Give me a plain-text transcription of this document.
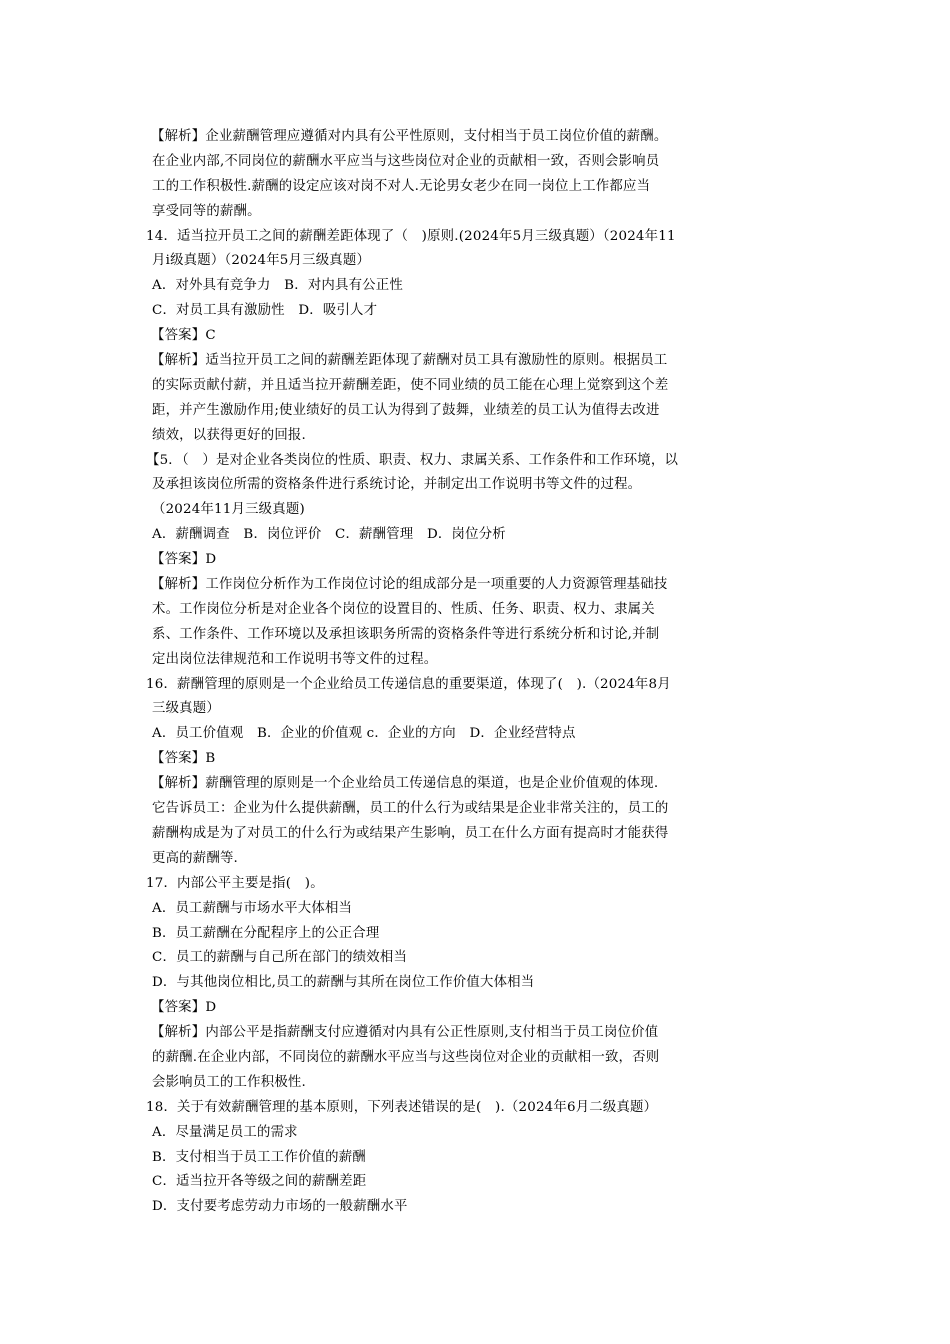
【解析】企业薪酬管理应遵循对内具有公平性原则，支付相当于员工岗位价值的薪酬。
在企业内部,不同岗位的薪酬水平应当与这些岗位对企业的贡献相一致，否则会影响员
工的工作积极性.薪酬的设定应该对岗不对人.无论男女老少在同一岗位上工作都应当
享受同等的薪酬。
14．适当拉开员工之间的薪酬差距体现了（　)原则.(2024年5月三级真题）（2024年11
月i级真题）（2024年5月三级真题）
A．对外具有竞争力　B．对内具有公正性
C．对员工具有激励性　D．吸引人才
【答案】C
【解析】适当拉开员工之间的薪酬差距体现了薪酬对员工具有激励性的原则。根据员工
的实际贡献付薪，并且适当拉开薪酬差距，使不同业绩的员工能在心理上觉察到这个差
距，并产生激励作用;使业绩好的员工认为得到了鼓舞，业绩差的员工认为值得去改进
绩效，以获得更好的回报.
【5．（　）是对企业各类岗位的性质、职责、权力、隶属关系、工作条件和工作环境，以
及承担该岗位所需的资格条件进行系统讨论，并制定出工作说明书等文件的过程。
（2024年11月三级真题)
A．薪酬调查　B．岗位评价　C．薪酬管理　D．岗位分析
【答案】D
【解析】工作岗位分析作为工作岗位讨论的组成部分是一项重要的人力资源管理基础技
术。工作岗位分析是对企业各个岗位的设置目的、性质、任务、职责、权力、隶属关
系、工作条件、工作环境以及承担该职务所需的资格条件等进行系统分析和讨论,并制
定出岗位法律规范和工作说明书等文件的过程。
16．薪酬管理的原则是一个企业给员工传递信息的重要渠道，体现了(　).（2024年8月
三级真题）
A．员工价值观　B．企业的价值观 c．企业的方向　D．企业经营特点
【答案】B
【解析】薪酬管理的原则是一个企业给员工传递信息的渠道，也是企业价值观的体现.
它告诉员工：企业为什么提供薪酬，员工的什么行为或结果是企业非常关注的，员工的
薪酬构成是为了对员工的什么行为或结果产生影响，员工在什么方面有提高时才能获得
更高的薪酬等.
17．内部公平主要是指(　)。
A．员工薪酬与市场水平大体相当
B．员工薪酬在分配程序上的公正合理
C．员工的薪酬与自己所在部门的绩效相当
D．与其他岗位相比,员工的薪酬与其所在岗位工作价值大体相当
【答案】D
【解析】内部公平是指薪酬支付应遵循对内具有公正性原则,支付相当于员工岗位价值
的薪酬.在企业内部，不同岗位的薪酬水平应当与这些岗位对企业的贡献相一致，否则
会影响员工的工作积极性.
18．关于有效薪酬管理的基本原则，下列表述错误的是(　).（2024年6月二级真题）
A．尽量满足员工的需求
B．支付相当于员工工作价值的薪酬
C．适当拉开各等级之间的薪酬差距
D．支付要考虑劳动力市场的一般薪酬水平
